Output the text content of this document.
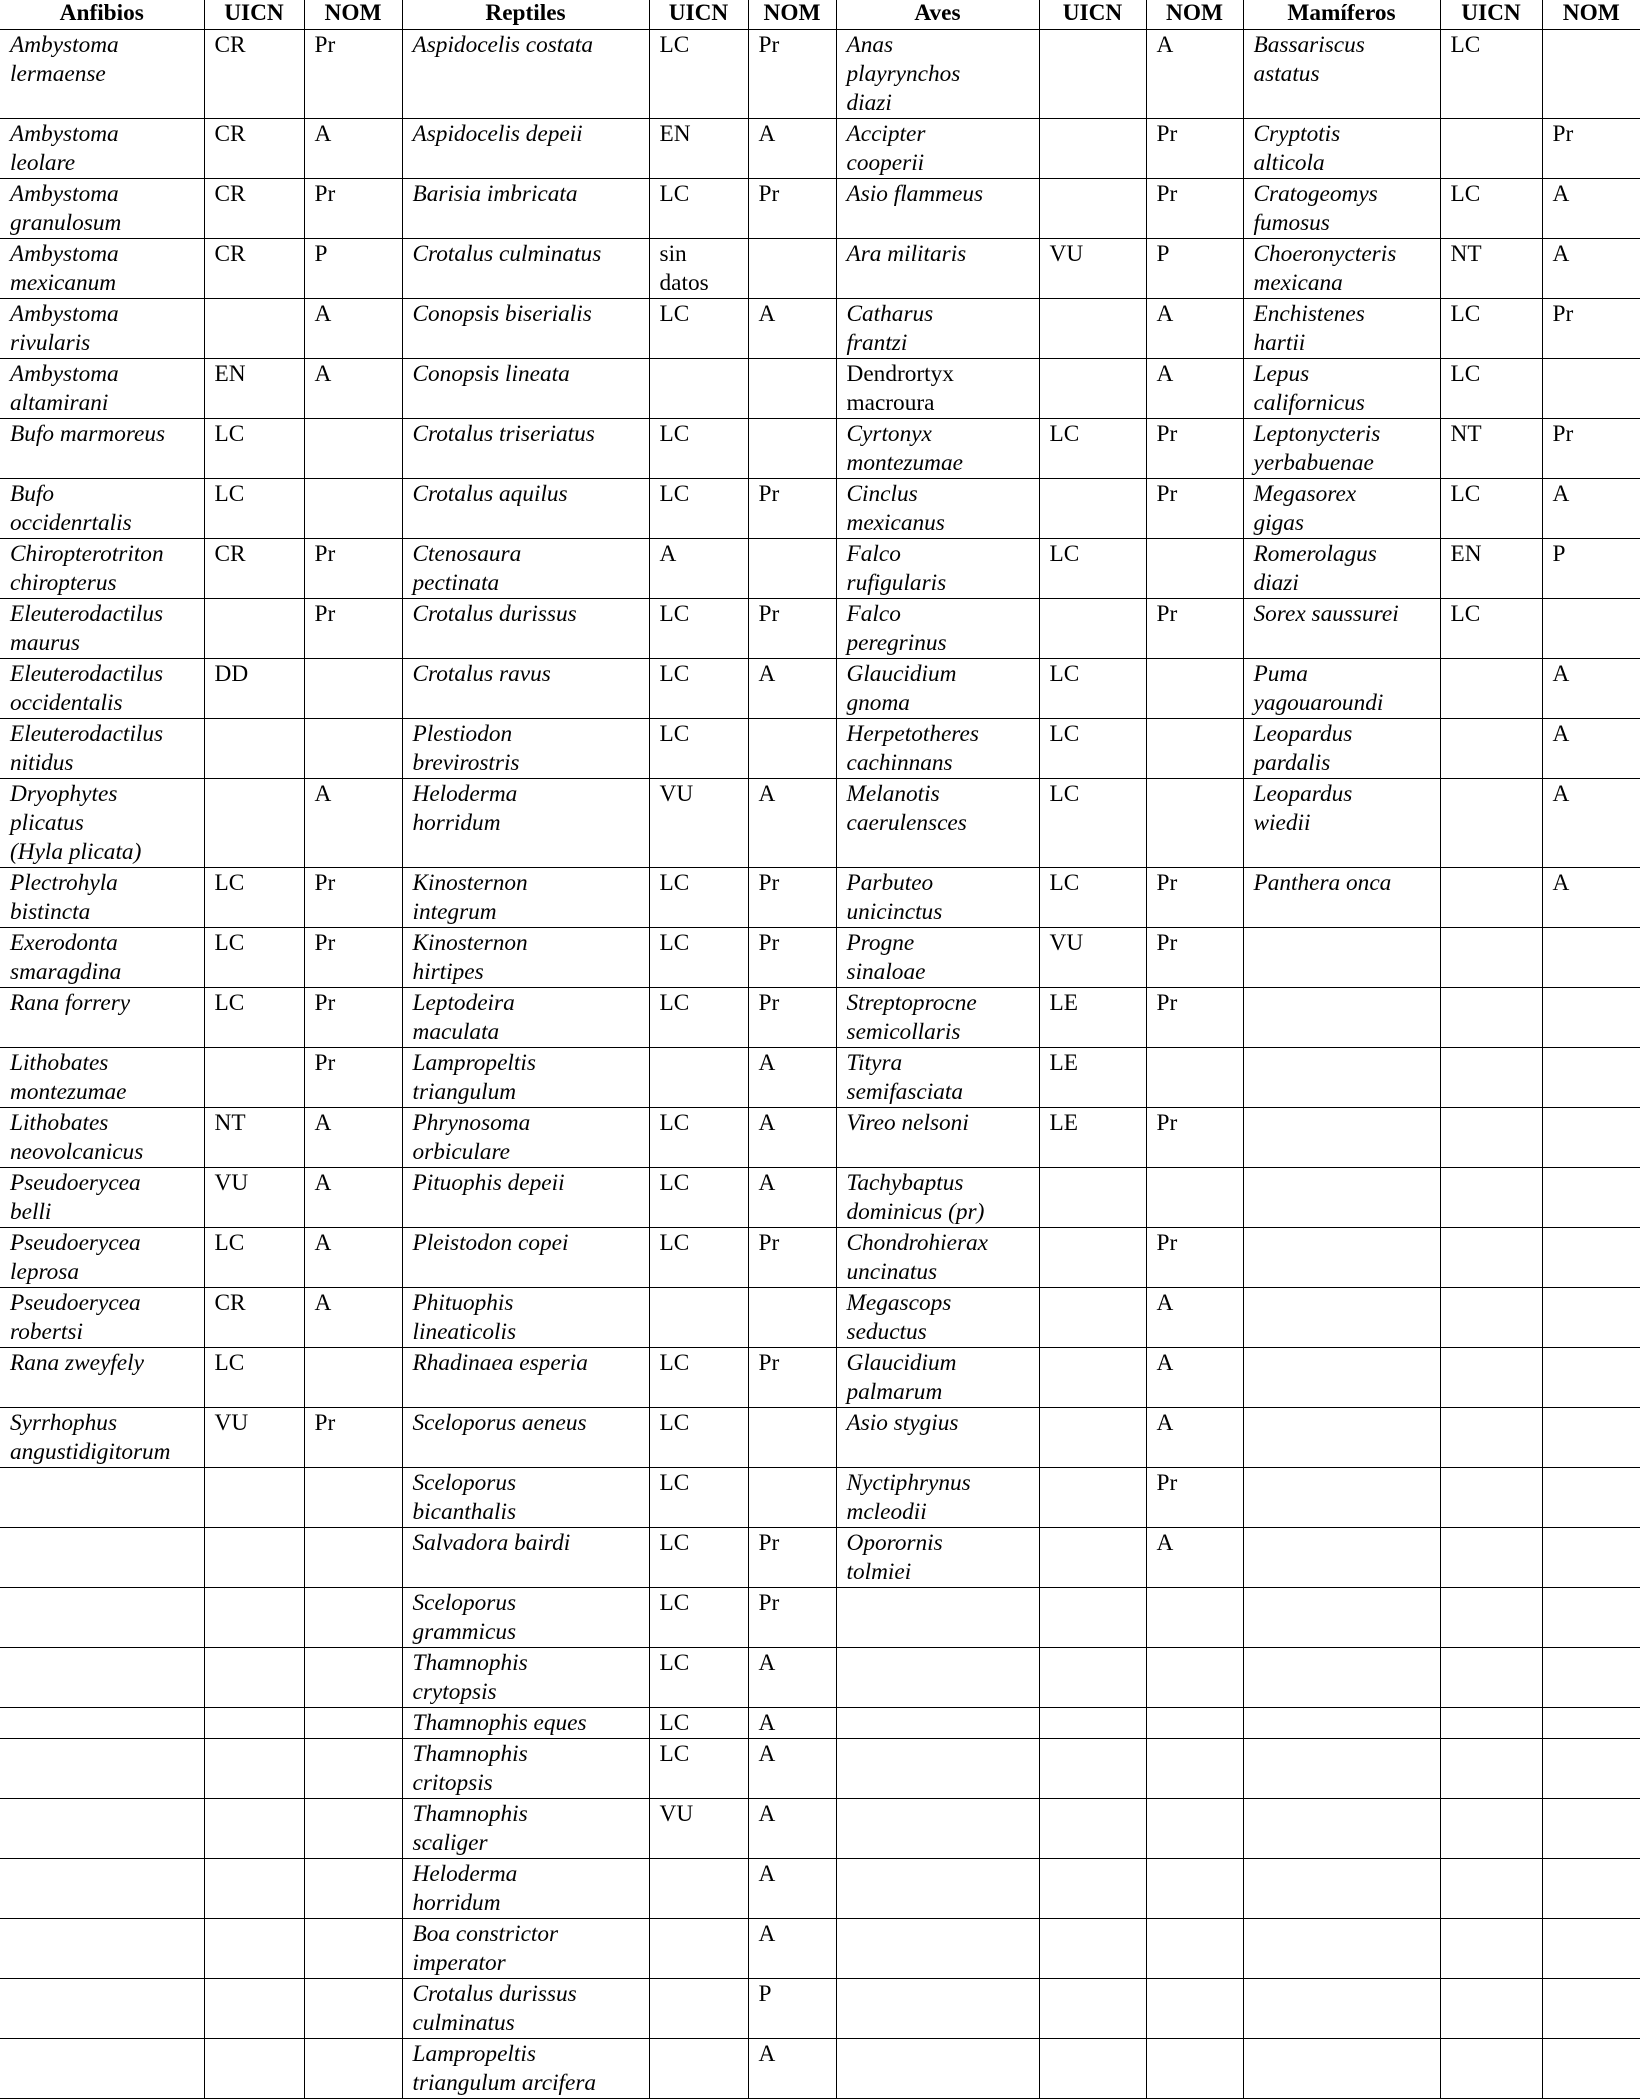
Anfibios	UICN	NOM	Reptiles	UICN	NOM	Aves	UICN	NOM	Mamíferos	UICN	NOM

Ambystoma
lermaense	CR	Pr	Aspidocelis costata	LC	Pr	Anas
playrynchos
diazi		A	Bassariscus
astatus	LC	

Ambystoma
leolare	CR	A	Aspidocelis depeii	EN	A	Accipter
cooperii		Pr	Cryptotis
alticola		Pr

Ambystoma
granulosum	CR	Pr	Barisia imbricata	LC	Pr	Asio flammeus		Pr	Cratogeomys
fumosus	LC	A

Ambystoma
mexicanum	CR	P	Crotalus culminatus	sin
datos		Ara militaris	VU	P	Choeronycteris
mexicana	NT	A

Ambystoma
rivularis		A	Conopsis biserialis	LC	A	Catharus
frantzi		A	Enchistenes
hartii	LC	Pr

Ambystoma
altamirani	EN	A	Conopsis lineata			Dendrortyx
macroura		A	Lepus
californicus	LC	

Bufo marmoreus	LC		Crotalus triseriatus	LC		Cyrtonyx
montezumae	LC	Pr	Leptonycteris
yerbabuenae	NT	Pr

Bufo
occidenrtalis	LC		Crotalus aquilus	LC	Pr	Cinclus
mexicanus		Pr	Megasorex
gigas	LC	A

Chiropterotriton
chiropterus	CR	Pr	Ctenosaura
pectinata	A		Falco
rufigularis	LC		Romerolagus
diazi	EN	P

Eleuterodactilus
maurus		Pr	Crotalus durissus	LC	Pr	Falco
peregrinus		Pr	Sorex saussurei	LC	

Eleuterodactilus
occidentalis	DD		Crotalus ravus	LC	A	Glaucidium
gnoma	LC		Puma
yagouaroundi		A

Eleuterodactilus
nitidus			Plestiodon
brevirostris	LC		Herpetotheres
cachinnans	LC		Leopardus
pardalis		A

Dryophytes
plicatus
(Hyla plicata)		A	Heloderma
horridum	VU	A	Melanotis
caerulensces	LC		Leopardus
wiedii		A

Plectrohyla
bistincta	LC	Pr	Kinosternon
integrum	LC	Pr	Parbuteo
unicinctus	LC	Pr	Panthera onca		A

Exerodonta
smaragdina	LC	Pr	Kinosternon
hirtipes	LC	Pr	Progne
sinaloae	VU	Pr			

Rana forrery	LC	Pr	Leptodeira
maculata	LC	Pr	Streptoprocne
semicollaris	LE	Pr			

Lithobates
montezumae		Pr	Lampropeltis
triangulum		A	Tityra
semifasciata	LE				

Lithobates
neovolcanicus	NT	A	Phrynosoma
orbiculare	LC	A	Vireo nelsoni	LE	Pr			

Pseudoerycea
belli	VU	A	Pituophis depeii	LC	A	Tachybaptus
dominicus (pr)					

Pseudoerycea
leprosa	LC	A	Pleistodon copei	LC	Pr	Chondrohierax
uncinatus		Pr			

Pseudoerycea
robertsi	CR	A	Phituophis
lineaticolis			Megascops
seductus		A			

Rana zweyfely	LC		Rhadinaea esperia	LC	Pr	Glaucidium
palmarum		A			

Syrrhophus
angustidigitorum	VU	Pr	Sceloporus aeneus	LC		Asio stygius		A			

			Sceloporus
bicanthalis	LC		Nyctiphrynus
mcleodii		Pr			

			Salvadora bairdi	LC	Pr	Oporornis
tolmiei		A			

			Sceloporus
grammicus	LC	Pr						

			Thamnophis
crytopsis	LC	A						

			Thamnophis eques	LC	A						

			Thamnophis
critopsis	LC	A						

			Thamnophis
scaliger	VU	A						

			Heloderma
horridum		A						

			Boa constrictor
imperator		A						

			Crotalus durissus
culminatus		P						

			Lampropeltis
triangulum arcifera		A						
